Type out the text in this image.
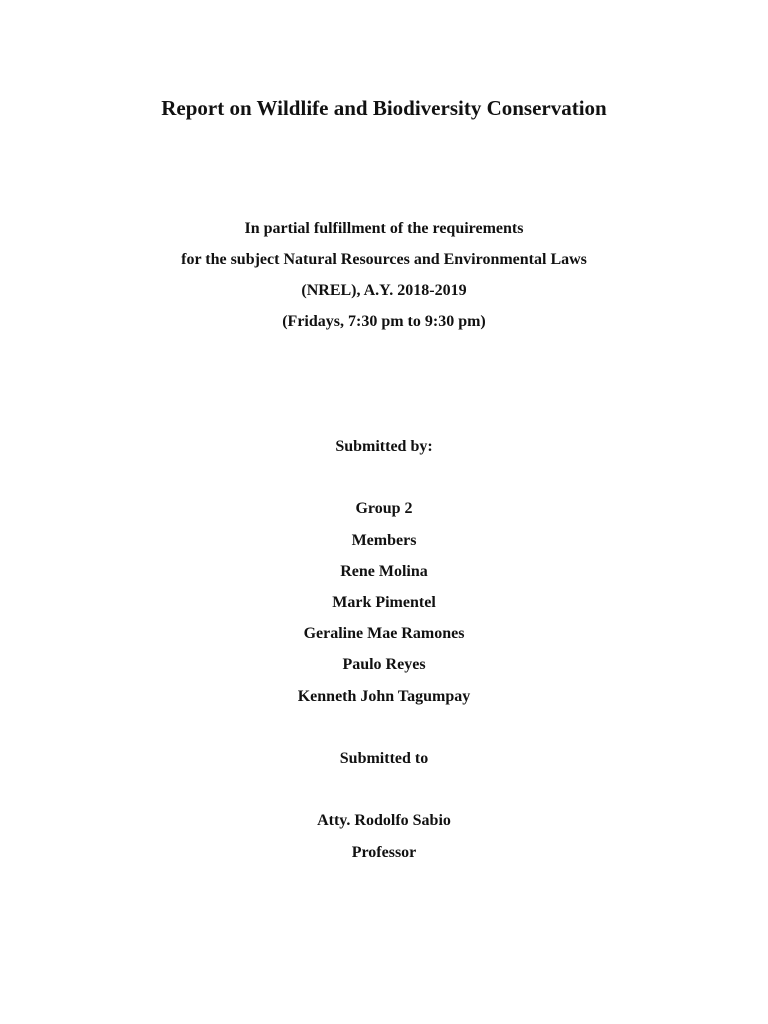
Report on Wildlife and Biodiversity Conservation
In partial fulfillment of the requirements
for the subject Natural Resources and Environmental Laws
(NREL), A.Y. 2018-2019
(Fridays, 7:30 pm to 9:30 pm)
Submitted by:
Group 2
Members
Rene Molina
Mark Pimentel
Geraline Mae Ramones
Paulo Reyes
Kenneth John Tagumpay
Submitted to
Atty. Rodolfo Sabio
Professor
